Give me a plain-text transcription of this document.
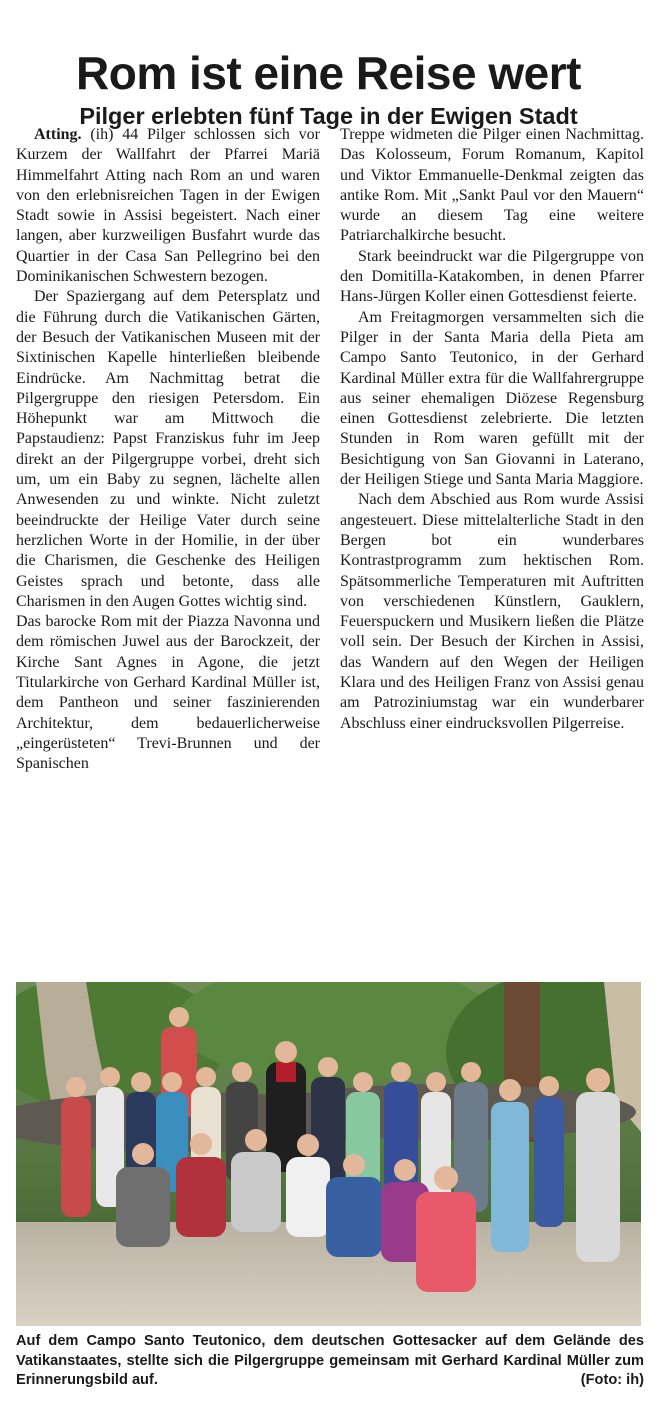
Rom ist eine Reise wert
Pilger erlebten fünf Tage in der Ewigen Stadt

Atting. (ih) 44 Pilger schlossen sich vor Kurzem der Wallfahrt der Pfarrei Mariä Himmelfahrt Atting nach Rom an und waren von den erlebnisreichen Tagen in der Ewigen Stadt sowie in Assisi begeistert. Nach einer langen, aber kurzweiligen Busfahrt wurde das Quartier in der Casa San Pellegrino bei den Dominikanischen Schwestern bezogen.

Der Spaziergang auf dem Petersplatz und die Führung durch die Vatikanischen Gärten, der Besuch der Vatikanischen Museen mit der Sixtinischen Kapelle hinterließen bleibende Eindrücke. Am Nachmittag betrat die Pilgergruppe den riesigen Petersdom. Ein Höhepunkt war am Mittwoch die Papstaudienz: Papst Franziskus fuhr im Jeep direkt an der Pilgergruppe vorbei, dreht sich um, um ein Baby zu segnen, lächelte allen Anwesenden zu und winkte. Nicht zuletzt beeindruckte der Heilige Vater durch seine herzlichen Worte in der Homilie, in der über die Charismen, die Geschenke des Heiligen Geistes sprach und betonte, dass alle Charismen in den Augen Gottes wichtig sind.

Das barocke Rom mit der Piazza Navonna und dem römischen Juwel aus der Barockzeit, der Kirche Sant Agnes in Agone, die jetzt Titularkirche von Gerhard Kardinal Müller ist, dem Pantheon und seiner faszinierenden Architektur, dem bedauerlicherweise „eingerüsteten“ Trevi-Brunnen und der Spanischen

Treppe widmeten die Pilger einen Nachmittag. Das Kolosseum, Forum Romanum, Kapitol und Viktor Emmanuelle-Denkmal zeigten das antike Rom. Mit „Sankt Paul vor den Mauern“ wurde an diesem Tag eine weitere Patriarchalkirche besucht.

Stark beeindruckt war die Pilgergruppe von den Domitilla-Katakomben, in denen Pfarrer Hans-Jürgen Koller einen Gottesdienst feierte.

Am Freitagmorgen versammelten sich die Pilger in der Santa Maria della Pieta am Campo Santo Teutonico, in der Gerhard Kardinal Müller extra für die Wallfahrergruppe aus seiner ehemaligen Diözese Regensburg einen Gottesdienst zelebrierte. Die letzten Stunden in Rom waren gefüllt mit der Besichtigung von San Giovanni in Laterano, der Heiligen Stiege und Santa Maria Maggiore.

Nach dem Abschied aus Rom wurde Assisi angesteuert. Diese mittelalterliche Stadt in den Bergen bot ein wunderbares Kontrastprogramm zum hektischen Rom. Spätsommerliche Temperaturen mit Auftritten von verschiedenen Künstlern, Gauklern, Feuerspuckern und Musikern ließen die Plätze voll sein. Der Besuch der Kirchen in Assisi, das Wandern auf den Wegen der Heiligen Klara und des Heiligen Franz von Assisi genau am Patroziniumstag war ein wunderbarer Abschluss einer eindrucksvollen Pilgerreise.

Auf dem Campo Santo Teutonico, dem deutschen Gottesacker auf dem Gelände des Vatikanstaates, stellte sich die Pilgergruppe gemeinsam mit Gerhard Kardinal Müller zum Erinnerungsbild auf.	(Foto: ih)
